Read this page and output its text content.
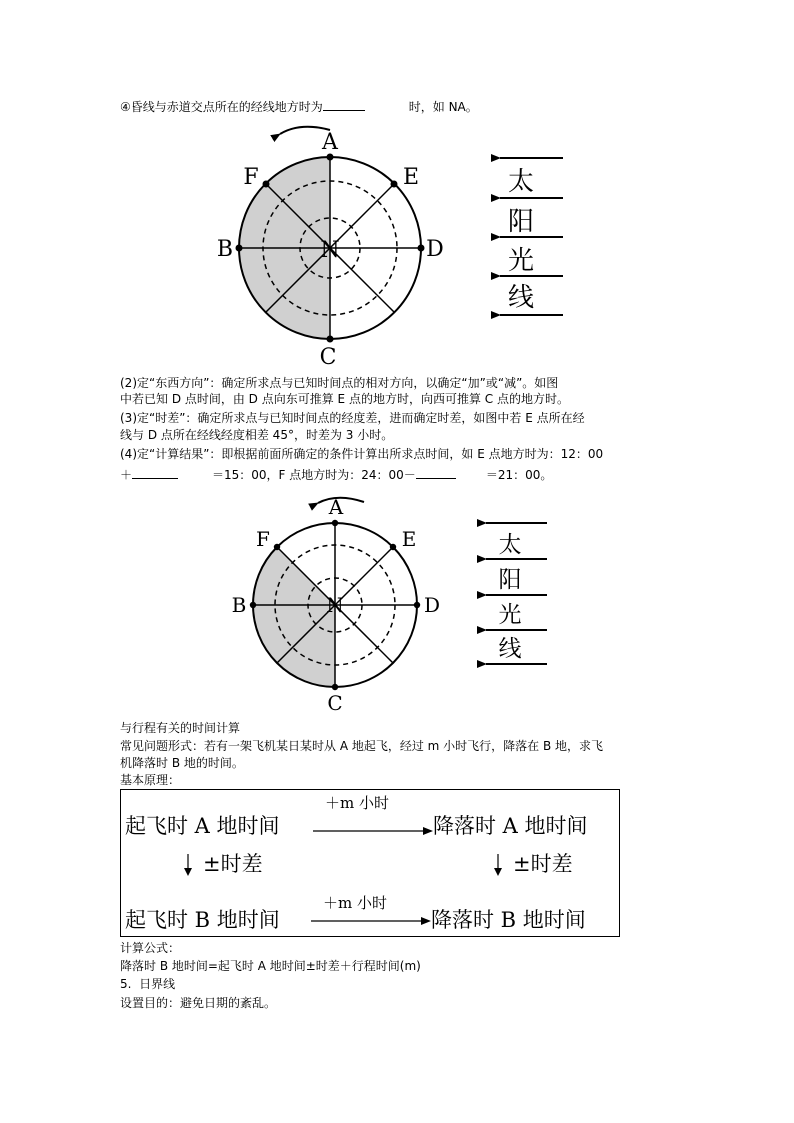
④昏线与赤道交点所在的经线地方时为	时，如 NA。
A
B
C
D
E
F
N
太
阳
光
线
(2)定“东西方向”：确定所求点与已知时间点的相对方向，以确定“加”或“减”。如图
中若已知 D 点时间，由 D 点向东可推算 E 点的地方时，向西可推算 C 点的地方时。
(3)定“时差”：确定所求点与已知时间点的经度差，进而确定时差，如图中若 E 点所在经
线与 D 点所在经线经度相差 45°，时差为 3 小时。
(4)定“计算结果”：即根据前面所确定的条件计算出所求点时间，如 E 点地方时为：12：00
＋	＝15：00，F 点地方时为：24：00－	＝21：00。
A
B
C
D
E
F
N
太
阳
光
线
与行程有关的时间计算
常见问题形式：若有一架飞机某日某时从 A 地起飞，经过 m 小时飞行，降落在 B 地，求飞
机降落时 B 地的时间。
基本原理：
起飞时 A 地时间
＋m 小时
降落时 A 地时间
±时差	±时差
起飞时 B 地时间
＋m 小时
降落时 B 地时间
计算公式：
降落时 B 地时间=起飞时 A 地时间±时差＋行程时间(m)
5.  日界线
设置目的：避免日期的紊乱。
